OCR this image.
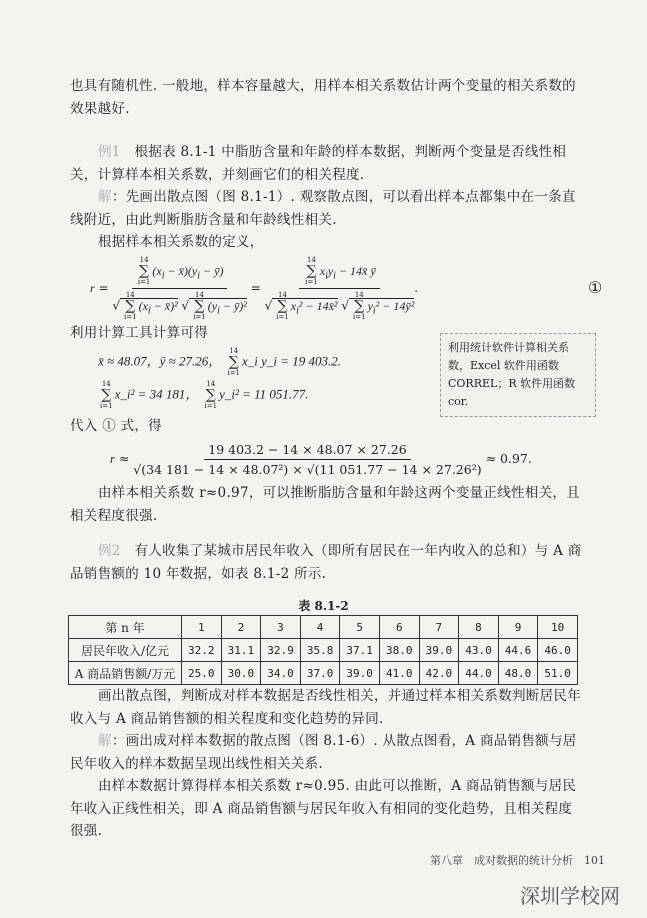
也具有随机性. 一般地，样本容量越大，用样本相关系数估计两个变量的相关系数的效果越好.
例1　 根据表 8.1-1 中脂肪含量和年龄的样本数据，判断两个变量是否线性相关，计算样本相关系数，并刻画它们的相关程度.
解：先画出散点图（图 8.1-1）. 观察散点图，可以看出样本点都集中在一条直线附近，由此判断脂肪含量和年龄线性相关.
根据样本相关系数的定义，
r = 14
∑
i=1
($x_i$ − $x̄)(y_i$ − ȳ)
√
14
∑
i=1
($x_i$ − x̄)² √
14
∑
i=1
($y_i$ − ȳ)² = 14
∑
i=1
$x_iy_i$ − 14x̄ ȳ
√
14
∑
i=1
$x_i^2$ − 14x̄² √
14
∑
i=1
$y_i^2$ − 14ȳ² .	①
利用计算工具计算可得
x̄ ≈ 48.07，ȳ ≈ 27.26，
14
∑
i=1
x_i y_i = 19 403.2.
14
∑
i=1
x_i² = 34 181，
14
∑
i=1
y_i² = 11 051.77.
利用统计软件计算相关系数，Excel 软件用函数 CORREL；R 软件用函数 cor.
代入 ① 式，得
$r \approx \frac{19 403.2 - 14 \times 48.07 \times 27.26}{\text{√(34 181 − 14 × 48.07²) × √(11 051.77 − 14 × 27.26²)}} \approx 0.97$.
由样本相关系数 r≈0.97，可以推断脂肪含量和年龄这两个变量正线性相关，且相关程度很强.
例2　 有人收集了某城市居民年收入（即所有居民在一年内收入的总和）与 A 商品销售额的 10 年数据，如表 8.1-2 所示.
表 8.1-2
第 n 年	1	2	3	4	5	6	7	8	9	10
居民年收入/亿元	32.2	31.1	32.9	35.8	37.1	38.0	39.0	43.0	44.6	46.0
A 商品销售额/万元	25.0	30.0	34.0	37.0	39.0	41.0	42.0	44.0	48.0	51.0
画出散点图，判断成对样本数据是否线性相关，并通过样本相关系数判断居民年收入与 A 商品销售额的相关程度和变化趋势的异同.
解：画出成对样本数据的散点图（图 8.1-6）. 从散点图看，A 商品销售额与居民年收入的样本数据呈现出线性相关关系.
由样本数据计算得样本相关系数 r≈0.95. 由此可以推断，A 商品销售额与居民年收入正线性相关，即 A 商品销售额与居民年收入有相同的变化趋势，且相关程度很强.
第八章　成对数据的统计分析　101
深圳学校网
